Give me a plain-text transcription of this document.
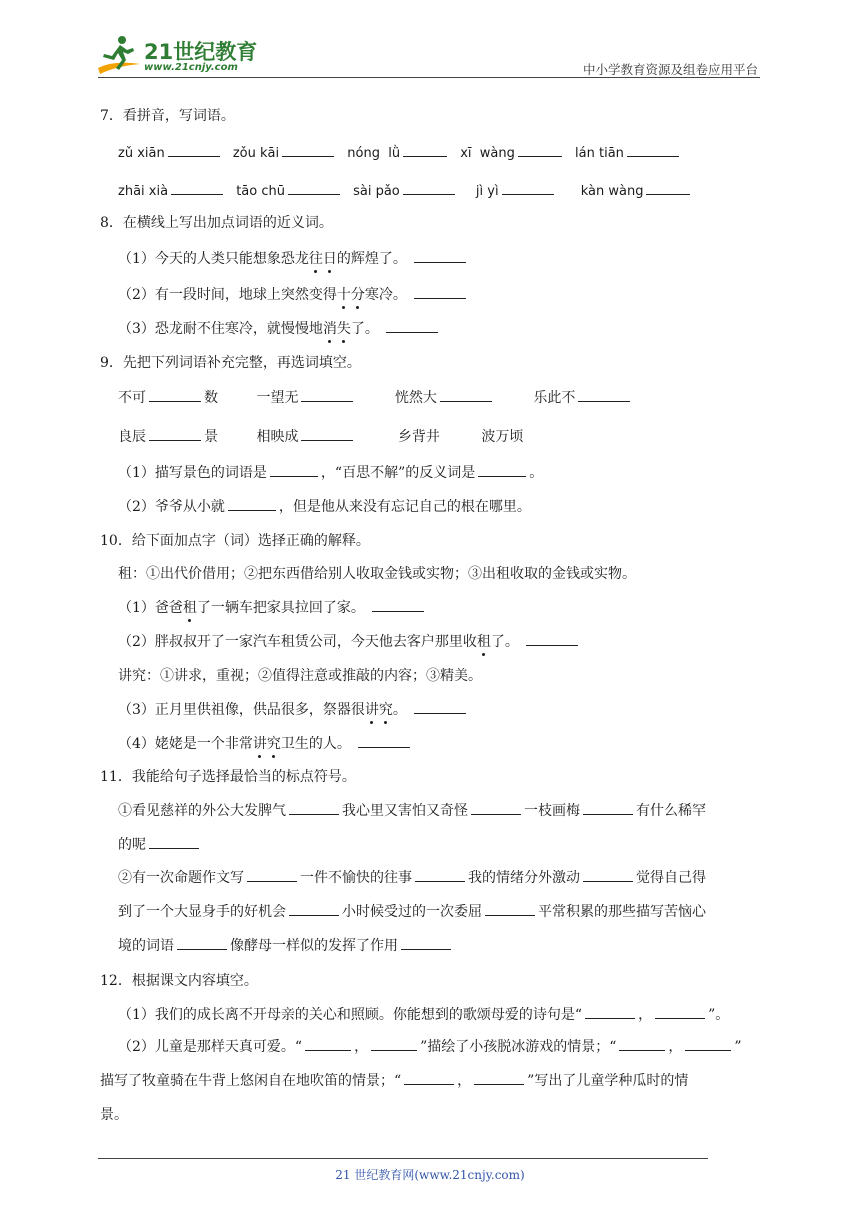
21世纪教育
www.21cnjy.com	中小学教育资源及组卷应用平台
7．看拼音，写词语。
zǔ xiān	zǒu kāi	nóng  lǜ	xī  wàng	lán tiān
zhāi xià	tāo chū	sài pǎo	jì yì	kàn wàng
8．在横线上写出加点词语的近义词。
（1）今天的人类只能想象恐龙往日的辉煌了。
（2）有一段时间，地球上突然变得十分寒冷。
（3）恐龙耐不住寒冷，就慢慢地消失了。
9．先把下列词语补充完整，再选词填空。
不可	数	一望无	恍然大	乐此不
良辰	景	相映成	乡背井	波万顷
（1）描写景色的词语是	，“百思不解”的反义词是	。
（2）爷爷从小就	，但是他从来没有忘记自己的根在哪里。
10．给下面加点字（词）选择正确的解释。
租：①出代价借用；②把东西借给别人收取金钱或实物；③出租收取的金钱或实物。
（1）爸爸租了一辆车把家具拉回了家。
（2）胖叔叔开了一家汽车租赁公司，今天他去客户那里收租了。
讲究：①讲求，重视；②值得注意或推敲的内容；③精美。
（3）正月里供祖像，供品很多，祭器很讲究。
（4）姥姥是一个非常讲究卫生的人。
11．我能给句子选择最恰当的标点符号。
①看见慈祥的外公大发脾气	我心里又害怕又奇怪	一枝画梅	有什么稀罕
的呢
②有一次命题作文写	一件不愉快的往事	我的情绪分外激动	觉得自己得
到了一个大显身手的好机会	小时候受过的一次委屈	平常积累的那些描写苦恼心
境的词语	像酵母一样似的发挥了作用
12．根据课文内容填空。
（1）我们的成长离不开母亲的关心和照顾。你能想到的歌颂母爱的诗句是“	，	”。
（2）儿童是那样天真可爱。“	，	”描绘了小孩脱冰游戏的情景；“	，	”
描写了牧童骑在牛背上悠闲自在地吹笛的情景；“	，	”写出了儿童学种瓜时的情
景。
21 世纪教育网(www.21cnjy.com)
